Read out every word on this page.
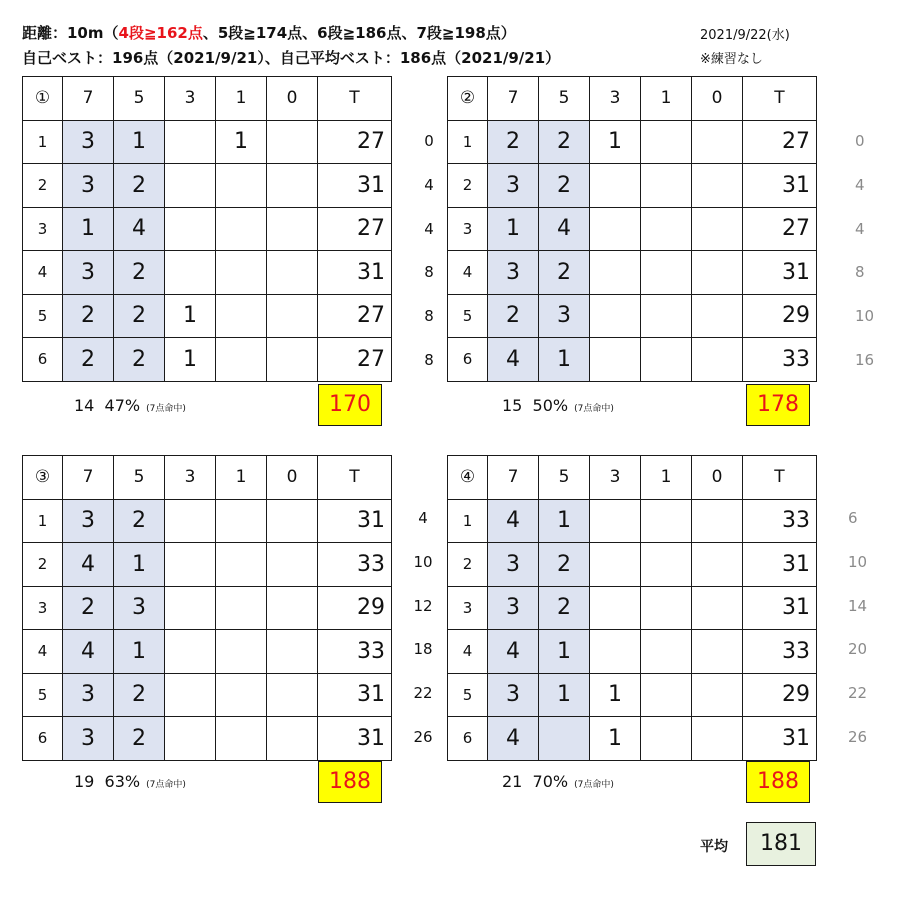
距離：10m（4段≧162点、5段≧174点、6段≧186点、7段≧198点）
自己ベスト：196点（2021/9/21）、自己平均ベスト：186点（2021/9/21）
2021/9/22(水)
※練習なし
①	7	5	3	1	0	T
1	3	1		1		27
2	3	2				31
3	1	4				27
4	3	2				31
5	2	2	1			27
6	2	2	1			27
14 47% (7点命中)	170
0
4
4
8
8
8
②	7	5	3	1	0	T
1	2	2	1			27
2	3	2				31
3	1	4				27
4	3	2				31
5	2	3				29
6	4	1				33
0
4
4
8
10
16
15 50% (7点命中)	178
③	7	5	3	1	0	T
1	3	2				31
2	4	1				33
3	2	3				29
4	4	1				33
5	3	2				31
6	3	2				31
19 63% (7点命中)	188
4
10
12
18
22
26
④	7	5	3	1	0	T
1	4	1				33
2	3	2				31
3	3	2				31
4	4	1				33
5	3	1	1			29
6	4		1			31
6
10
14
20
22
26
21 70% (7点命中)	188
平均	181
